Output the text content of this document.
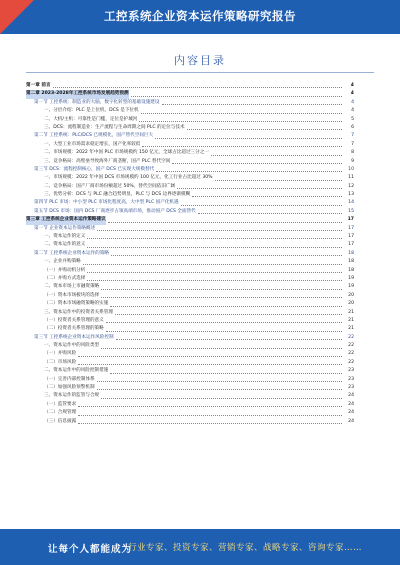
工控系统企业资本运作策略研究报告
内容目录
第一章 前言	4
第二章 2023-2028年工控系统市场发展趋势预测	4
第一节 工控系统：制造业的大脑，数字化转型的基础设施建设	4
一、分层介绍：PLC 是上位机，DCS 是下位机	4
二、大机/主机：可靠性是门槛，定位是护城河	5
三、DCS：流程制造业：生产流程与生命周期之间 PLC 的定位与技术	6
第二节 工控系统：PLC/DCS 已规模化，国产替代空间巨大	7
一、大型工业市场需求稳定增长，国产化率较低	7
二、市场规模：2022 年中国 PLC 市场规模约 150 亿元，全球占比超过三分之一	8
三、竞争格局：高壁垒导致海外厂商垄断，国产 PLC 替代空间	9
第三节 DCS：流程控制核心，国产 DCS 已实现大规模替代	10
一、市场规模：2022 年中国 DCS 市场规模约 100 亿元，化工行业占比超过 30%	11
二、竞争格局：国产厂商市场份额超过 50%，替代空间依旧广阔	12
三、优势分析：DCS 与 PLC 融合趋势明显，PLC 与 DCS 边界逐渐模糊	13
第四节 PLC 市场：中小型 PLC 市场化程度高，大中型 PLC 国产化机遇	14
第五节 DCS 市场：国内 DCS 厂商逐步占领高端市场，推动国产 DCS 全面替代	15
第三章 工控系统企业资本运作策略建议	17
第一节 企业资本运作策略概述	17
一、资本运作的定义	17
二、资本运作的意义	17
第二节 工控系统企业资本运作的策略	18
一、企业并购策略	18
（一）并购动机分析	18
（二）并购方式选择	19
二、资本市场上市融资策略	19
（一）资本市场板块的选择	20
（二）资本市场融资策略的实施	20
三、资本运作中的投资者关系管理	21
（一）投资者关系管理的意义	21
（二）投资者关系管理的策略	21
第三节 工控系统企业资本运作风险控制	22
一、资本运作中的风险类型	22
（一）并购风险	22
（二）市场风险	22
二、资本运作中的风险控制措施	23
（一）完善内部控制体系	23
（二）加强风险预警机制	23
三、资本运作的监管与合规	24
（一）监管要求	24
（二）合规管理	24
（三）信息披露	24
让每个人都能成为
行业专家、投资专家、营销专家、战略专家、咨询专家……
